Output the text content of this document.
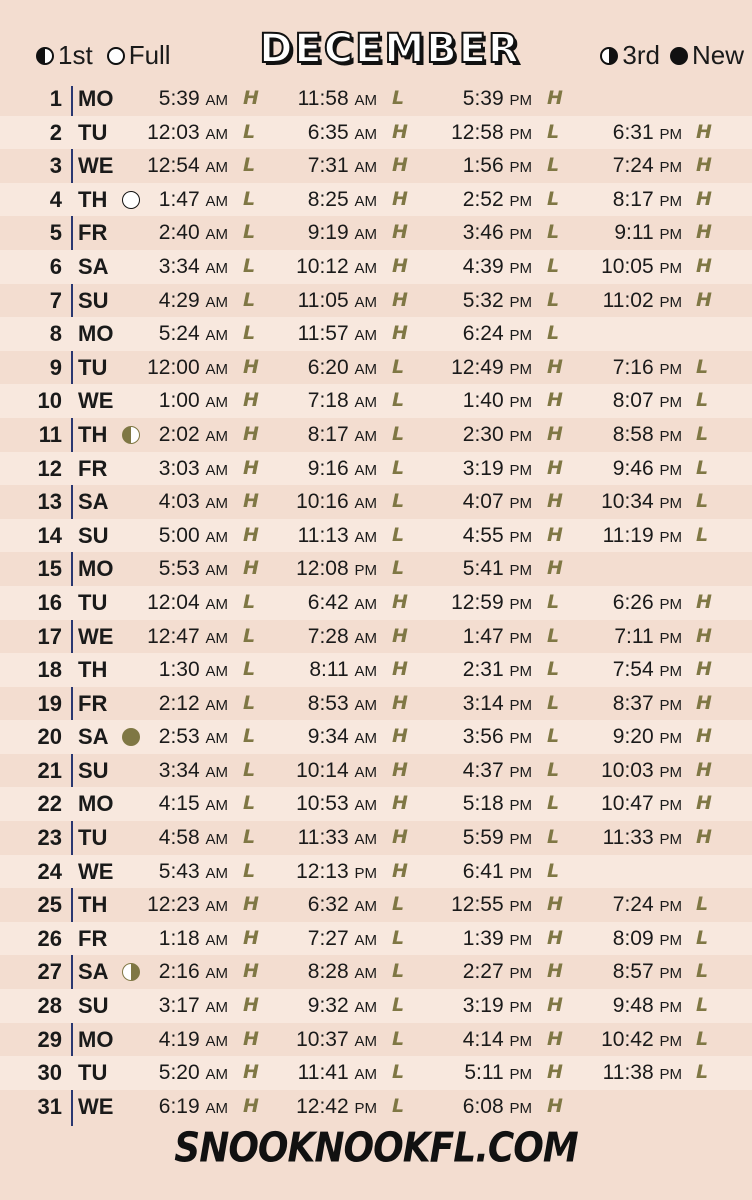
1st Full DECEMBER	3rd New
1 MO 5:39 AM H 11:58 AM L	5:39 PM H
2 TU 12:03 AM L	6:35 AM H 12:58 PM L	6:31 PM H
3 WE 12:54 AM L	7:31 AM H	1:56 PM L	7:24 PM H
4 TH 1:47 AM L	8:25 AM H	2:52 PM L	8:17 PM H
5 FR 2:40 AM L	9:19 AM H	3:46 PM L	9:11 PM H
6 SA 3:34 AM L 10:12 AM H	4:39 PM L 10:05 PM H
7 SU 4:29 AM L 11:05 AM H	5:32 PM L 11:02 PM H
8 MO 5:24 AM L 11:57 AM H	6:24 PM L
9 TU 12:00 AM H 6:20 AM L 12:49 PM H 7:16 PM L
10 WE 1:00 AM H 7:18 AM L	1:40 PM H 8:07 PM L
11 TH 2:02 AM H 8:17 AM L	2:30 PM H 8:58 PM L
12 FR 3:03 AM H 9:16 AM L	3:19 PM H 9:46 PM L
13 SA 4:03 AM H 10:16 AM L	4:07 PM H 10:34 PM L
14 SU 5:00 AM H 11:13 AM L	4:55 PM H 11:19 PM L
15 MO 5:53 AM H 12:08 PM L	5:41 PM H
16 TU 12:04 AM L	6:42 AM H 12:59 PM L	6:26 PM H
17 WE 12:47 AM L	7:28 AM H	1:47 PM L	7:11 PM H
18 TH 1:30 AM L	8:11 AM H	2:31 PM L	7:54 PM H
19 FR 2:12 AM L	8:53 AM H	3:14 PM L	8:37 PM H
20 SA 2:53 AM L	9:34 AM H	3:56 PM L	9:20 PM H
21 SU 3:34 AM L 10:14 AM H	4:37 PM L 10:03 PM H
22 MO 4:15 AM L 10:53 AM H	5:18 PM L 10:47 PM H
23 TU 4:58 AM L 11:33 AM H	5:59 PM L 11:33 PM H
24 WE 5:43 AM L 12:13 PM H	6:41 PM L
25 TH 12:23 AM H 6:32 AM L 12:55 PM H 7:24 PM L
26 FR 1:18 AM H 7:27 AM L	1:39 PM H 8:09 PM L
27 SA 2:16 AM H 8:28 AM L	2:27 PM H 8:57 PM L
28 SU 3:17 AM H 9:32 AM L	3:19 PM H 9:48 PM L
29 MO 4:19 AM H 10:37 AM L	4:14 PM H 10:42 PM L
30 TU 5:20 AM H 11:41 AM L	5:11 PM H 11:38 PM L
31 WE 6:19 AM H 12:42 PM L	6:08 PM H
SNOOKNOOKFL.COM
